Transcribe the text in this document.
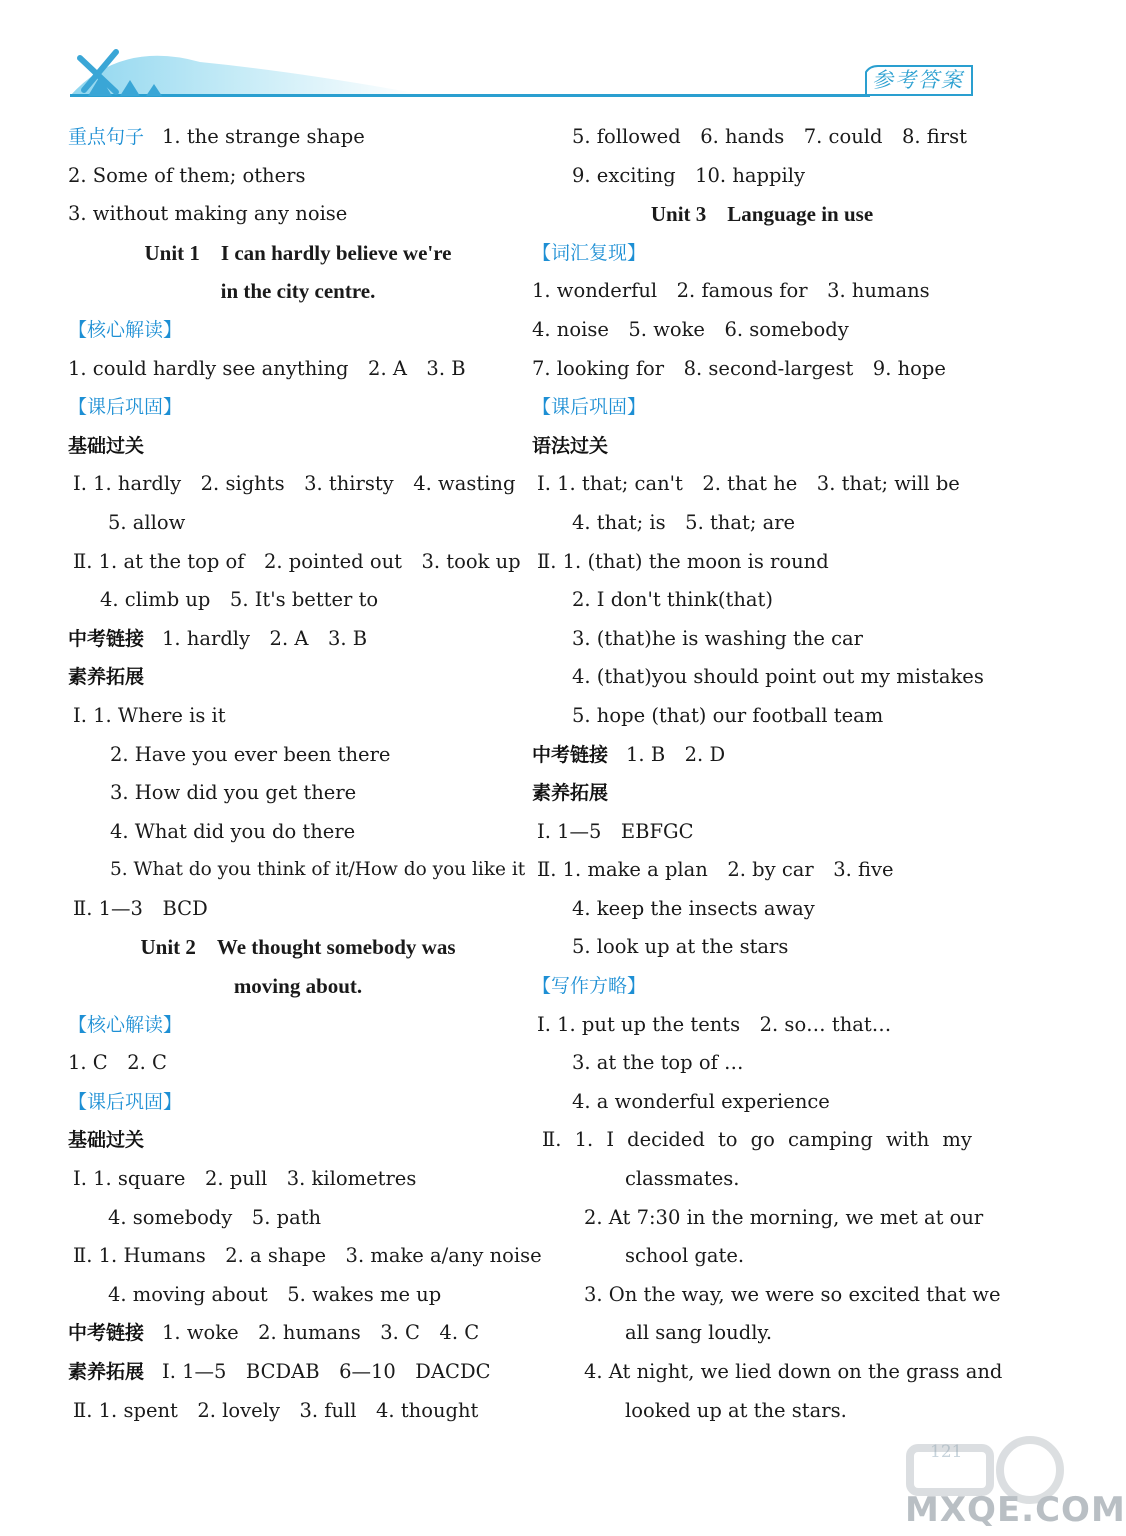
参考答案
重点句子 1. the strange shape
2. Some of them; others
3. without making any noise
Unit 1　I can hardly believe we're
in the city centre.
【核心解读】
1. could hardly see anything　2. A　3. B
【课后巩固】
基础过关
Ⅰ. 1. hardly　2. sights　3. thirsty　4. wasting
5. allow
Ⅱ. 1. at the top of　2. pointed out　3. took up
4. climb up　5. It's better to
中考链接 1. hardly　2. A　3. B
素养拓展
Ⅰ. 1. Where is it
2. Have you ever been there
3. How did you get there
4. What did you do there
5. What do you think of it/How do you like it
Ⅱ. 1—3　BCD
Unit 2　We thought somebody was
moving about.
【核心解读】
1. C　2. C
【课后巩固】
基础过关
Ⅰ. 1. square　2. pull　3. kilometres
4. somebody　5. path
Ⅱ. 1. Humans　2. a shape　3. make a/any noise
4. moving about　5. wakes me up
中考链接 1. woke　2. humans　3. C　4. C
素养拓展 Ⅰ. 1—5　BCDAB　6—10　DACDC
Ⅱ. 1. spent　2. lovely　3. full　4. thought
5. followed　6. hands　7. could　8. first
9. exciting　10. happily
Unit 3　Language in use
【词汇复现】
1. wonderful　2. famous for　3. humans
4. noise　5. woke　6. somebody
7. looking for　8. second-largest　9. hope
【课后巩固】
语法过关
Ⅰ. 1. that; can't　2. that he　3. that; will be
4. that; is　5. that; are
Ⅱ. 1. (that) the moon is round
2. I don't think(that)
3. (that)he is washing the car
4. (that)you should point out my mistakes
5. hope (that) our football team
中考链接 1. B　2. D
素养拓展
Ⅰ. 1—5　EBFGC
Ⅱ. 1. make a plan　2. by car　3. five
4. keep the insects away
5. look up at the stars
【写作方略】
Ⅰ. 1. put up the tents　2. so… that…
3. at the top of …
4. a wonderful experience
Ⅱ. 1. I decided to go camping with my
classmates.
2. At 7:30 in the morning, we met at our
school gate.
3. On the way, we were so excited that we
all sang loudly.
4. At night, we lied down on the grass and
looked up at the stars.
121
MXQE.COM
